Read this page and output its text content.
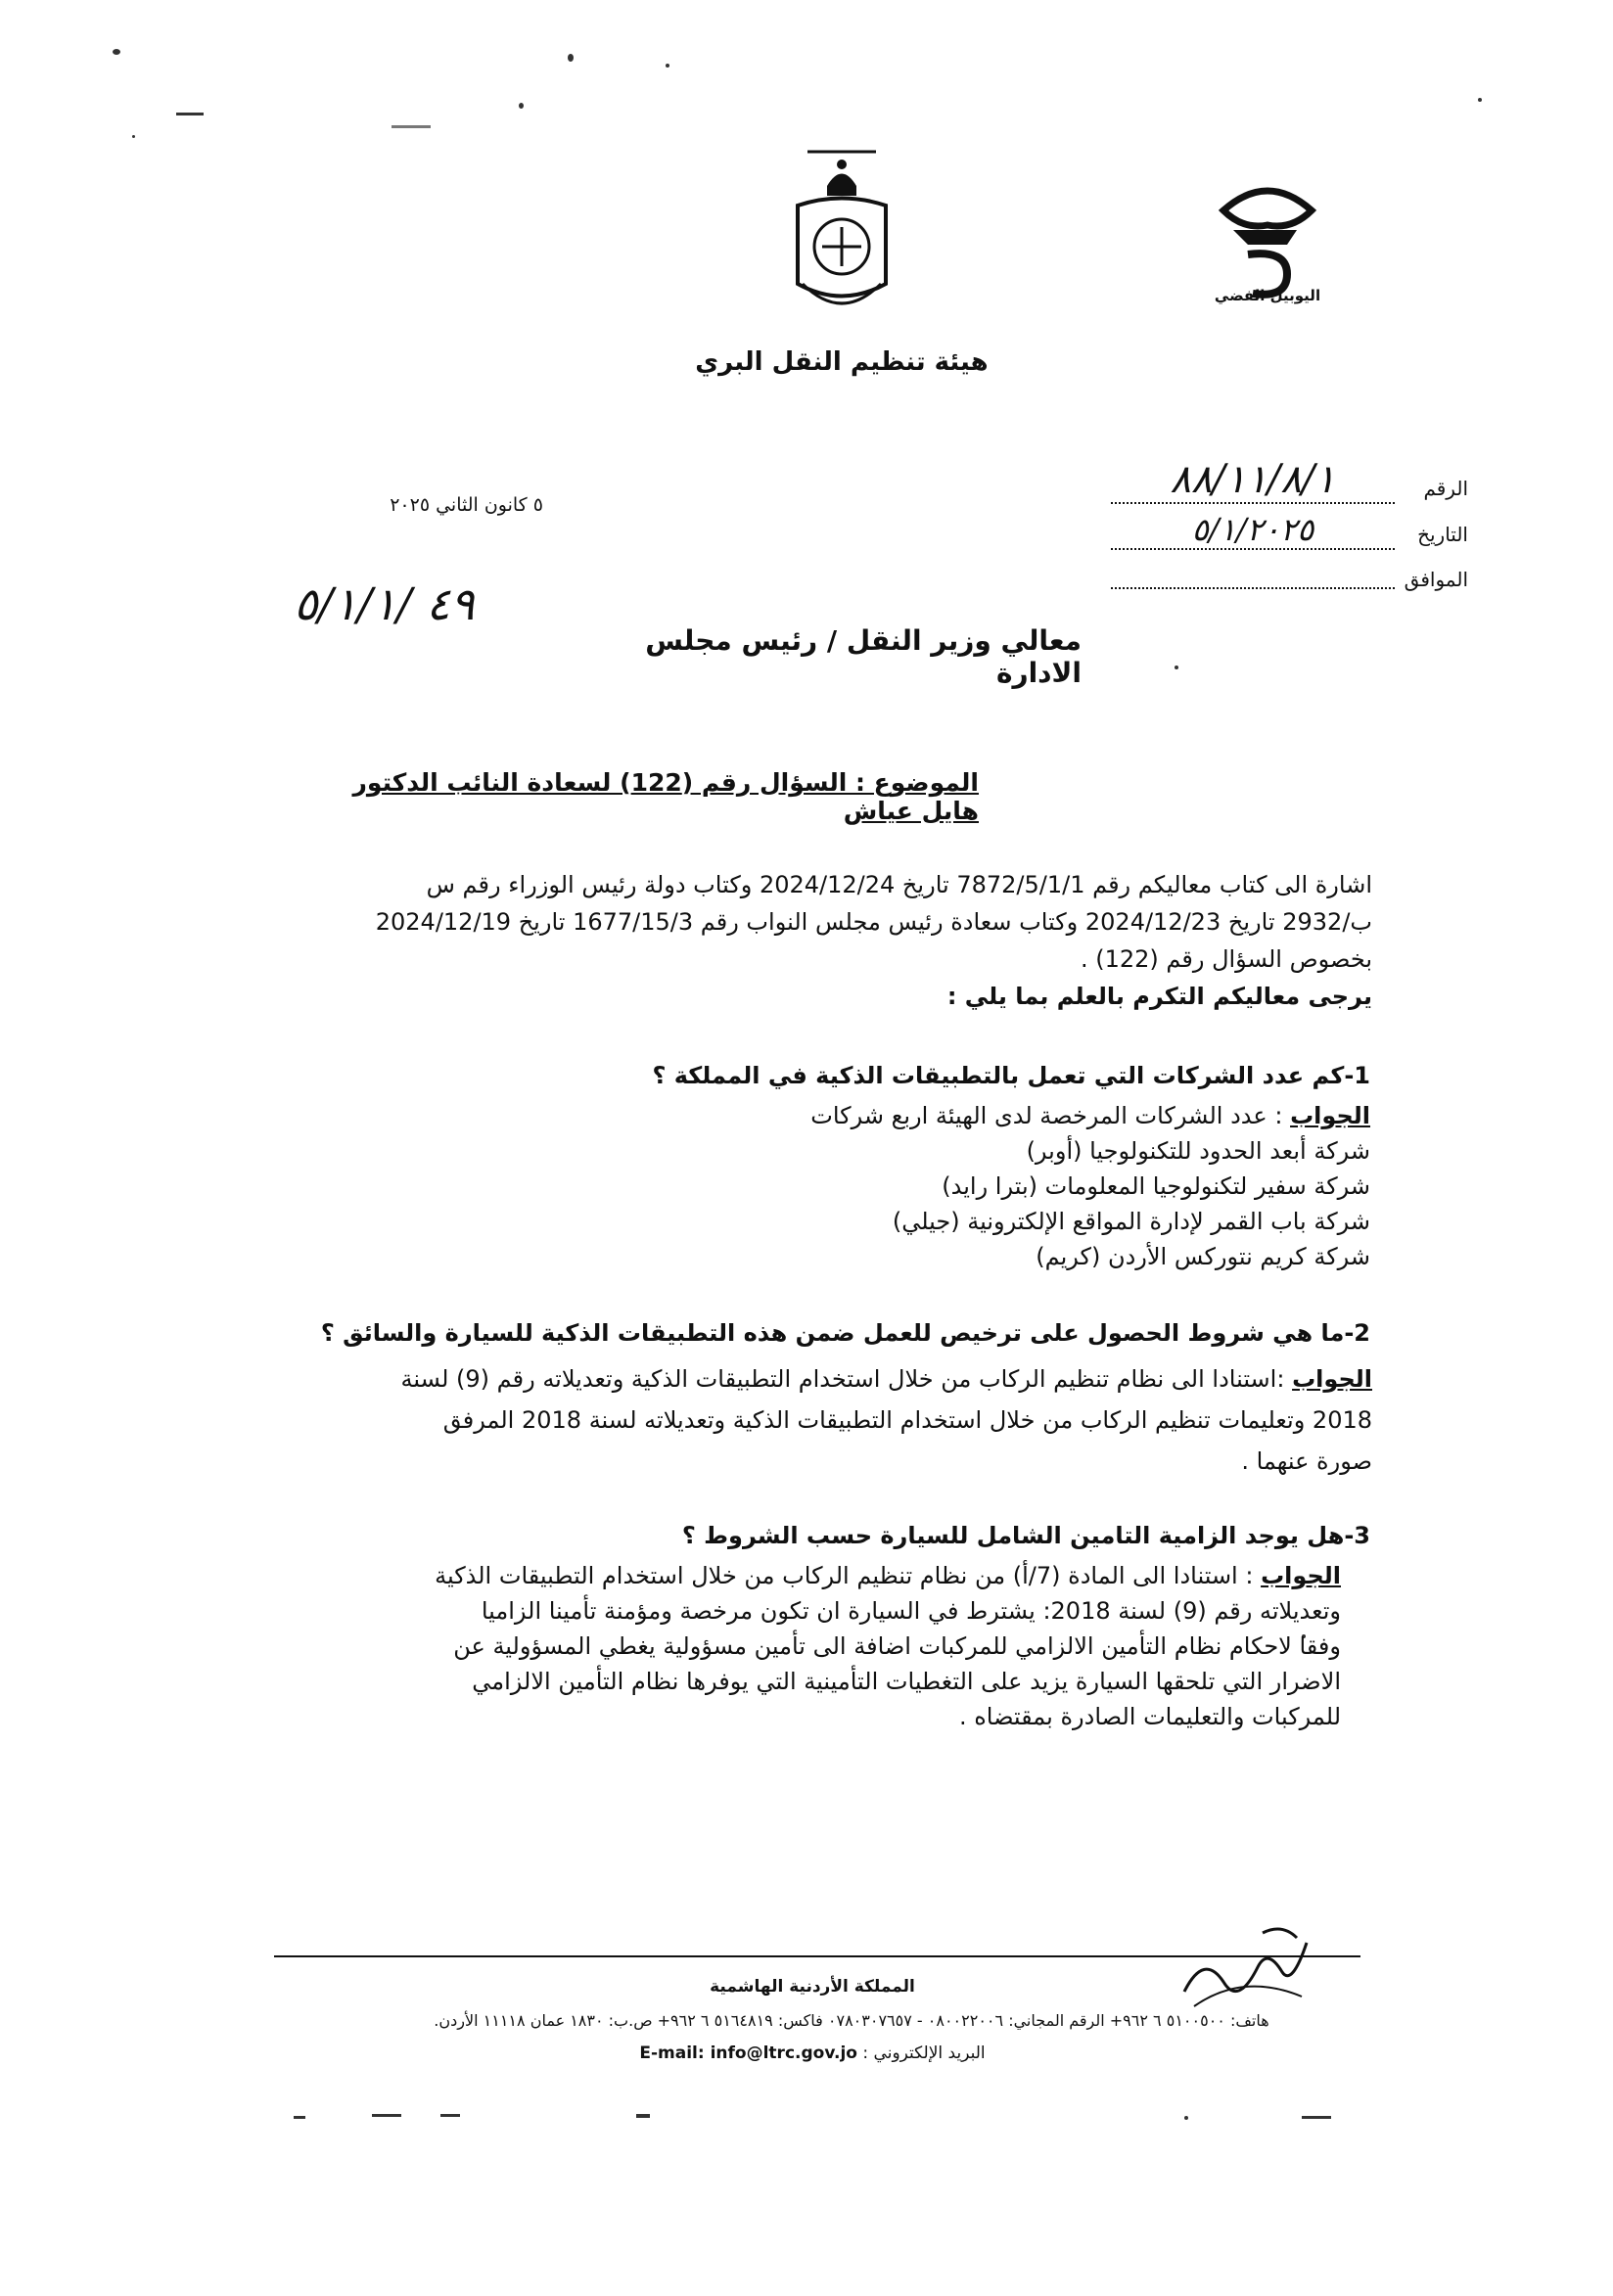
اليوبيل الفضي
هيئة تنظيم النقل البري
الرقم
٨٨/١١/٨/١
التاريخ
٥/١/٢٠٢٥
الموافق
٥ كانون الثاني ٢٠٢٥
٤٩ /٥/١/١
معالي وزير النقل / رئيس مجلس الادارة
الموضوع : السؤال رقم (122) لسعادة النائب الدكتور هايل عياش
اشارة الى كتاب معاليكم رقم 7872/5/1/1 تاريخ 2024/12/24 وكتاب دولة رئيس الوزراء رقم س
ب/2932 تاريخ 2024/12/23 وكتاب سعادة رئيس مجلس النواب رقم 1677/15/3 تاريخ 2024/12/19
بخصوص السؤال رقم (122) .
يرجى معاليكم التكرم بالعلم بما يلي :
1-كم عدد الشركات التي تعمل بالتطبيقات الذكية في المملكة ؟
الجواب : عدد الشركات المرخصة لدى الهيئة اربع شركات
شركة أبعد الحدود للتكنولوجيا (أوبر)
شركة سفير لتكنولوجيا المعلومات (بترا رايد)
شركة باب القمر لإدارة المواقع الإلكترونية (جيلي)
شركة كريم نتوركس الأردن (كريم)
2-ما هي شروط الحصول على ترخيص للعمل ضمن هذه التطبيقات الذكية للسيارة والسائق ؟
الجواب :استنادا الى نظام تنظيم الركاب من خلال استخدام التطبيقات الذكية وتعديلاته رقم (9) لسنة
2018 وتعليمات تنظيم الركاب من خلال استخدام التطبيقات الذكية وتعديلاته لسنة 2018 المرفق
صورة عنهما .
3-هل يوجد الزامية التامين الشامل للسيارة حسب الشروط ؟
الجواب : استنادا الى المادة (7/أ) من نظام تنظيم الركاب من خلال استخدام التطبيقات الذكية
وتعديلاته رقم (9) لسنة 2018: يشترط في السيارة ان تكون مرخصة ومؤمنة تأمينا الزاميا
وفقا لاحكام نظام التأمين الالزامي للمركبات اضافة الى تأمين مسؤولية يغطي المسؤولية عن
الاضرار التي تلحقها السيارة يزيد على التغطيات التأمينية التي يوفرها نظام التأمين الالزامي
للمركبات والتعليمات الصادرة بمقتضاه .
المملكة الأردنية الهاشمية
هاتف: ٥١٠٠٥٠٠ ٦ ٩٦٢+ الرقم المجاني: ٠٨٠٠٢٢٠٠٦ - ٠٧٨٠٣٠٧٦٥٧ فاكس: ٥١٦٤٨١٩ ٦ ٩٦٢+ ص.ب: ١٨٣٠ عمان ١١١١٨ الأردن.
البريد الإلكتروني : E-mail: info@ltrc.gov.jo
